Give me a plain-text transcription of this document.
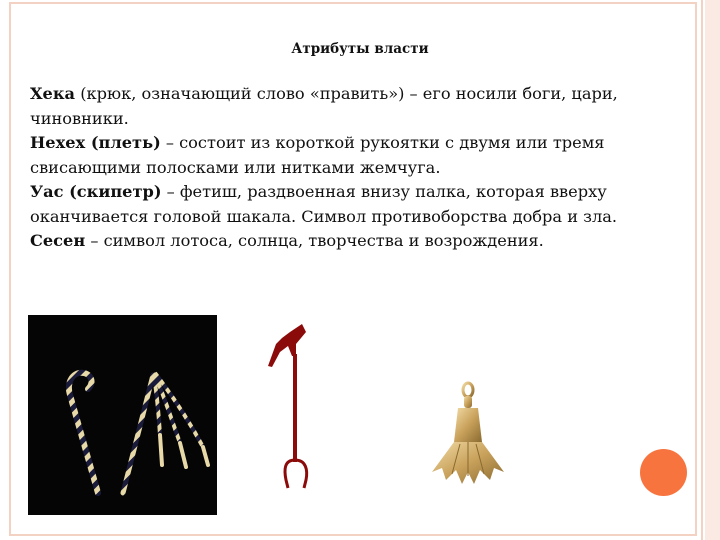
Атрибуты власти

Хека (крюк, означающий слово «править») – его носили боги, цари, чиновники.

Нехех (плеть) – состоит из короткой рукоятки с двумя или тремя свисающими полосками или нитками жемчуга.

Уас (скипетр) – фетиш, раздвоенная внизу палка, которая вверху оканчивается головой шакала. Символ противоборства добра и зла.

Сесен – символ лотоса, солнца, творчества и возрождения.
